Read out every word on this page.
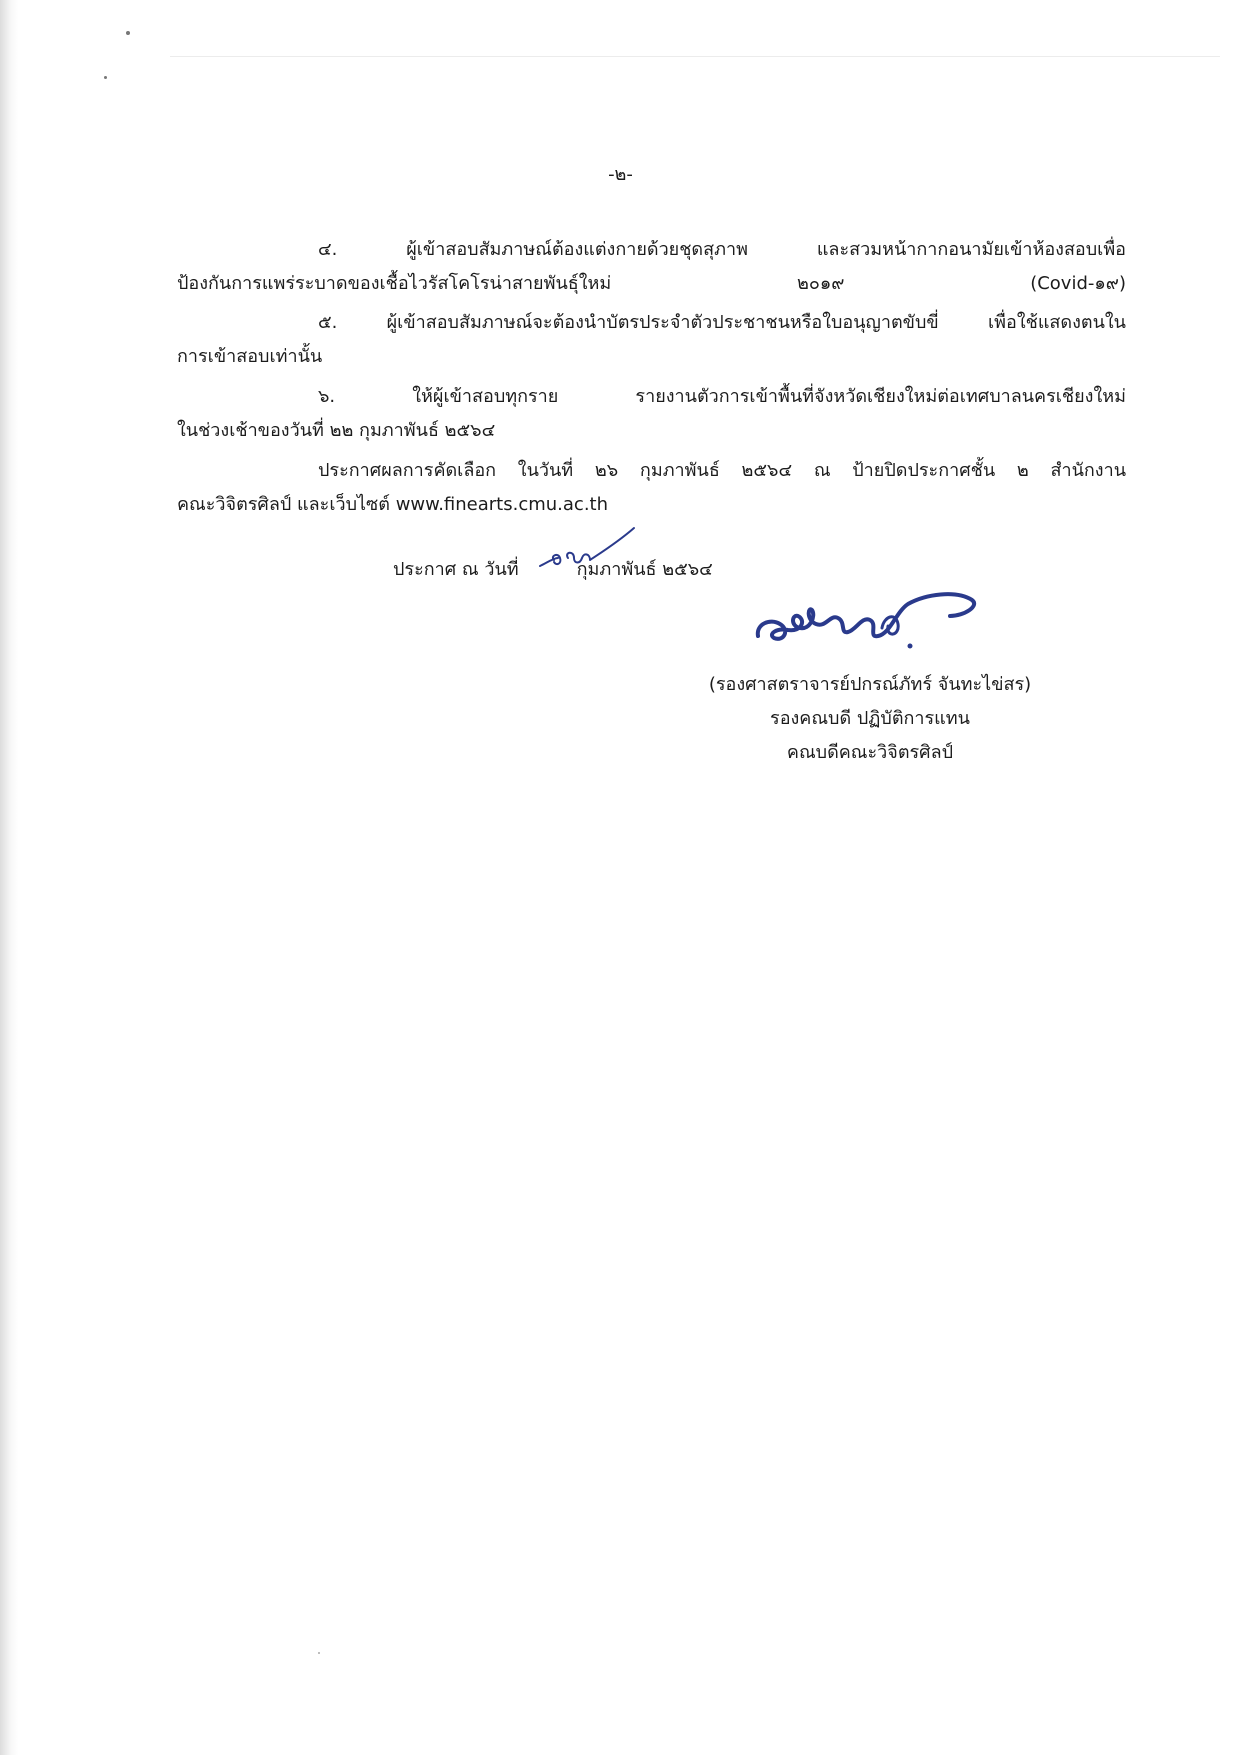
-๒-
๔. ผู้เข้าสอบสัมภาษณ์ต้องแต่งกายด้วยชุดสุภาพ และสวมหน้ากากอนามัยเข้าห้องสอบเพื่อ
ป้องกันการแพร่ระบาดของเชื้อไวรัสโคโรน่าสายพันธุ์ใหม่ ๒๐๑๙ (Covid-๑๙)
๕. ผู้เข้าสอบสัมภาษณ์จะต้องนำบัตรประจำตัวประชาชนหรือใบอนุญาตขับขี่ เพื่อใช้แสดงตนใน
การเข้าสอบเท่านั้น
๖. ให้ผู้เข้าสอบทุกราย รายงานตัวการเข้าพื้นที่จังหวัดเชียงใหม่ต่อเทศบาลนครเชียงใหม่
ในช่วงเช้าของวันที่ ๒๒ กุมภาพันธ์ ๒๕๖๔
ประกาศผลการคัดเลือก ในวันที่ ๒๖ กุมภาพันธ์ ๒๕๖๔ ณ ป้ายปิดประกาศชั้น ๒ สำนักงาน
คณะวิจิตรศิลป์ และเว็บไซต์ www.finearts.cmu.ac.th
ประกาศ ณ วันที่	กุมภาพันธ์ ๒๕๖๔
(รองศาสตราจารย์ปกรณ์ภัทร์ จันทะไข่สร)
รองคณบดี ปฏิบัติการแทน
คณบดีคณะวิจิตรศิลป์
